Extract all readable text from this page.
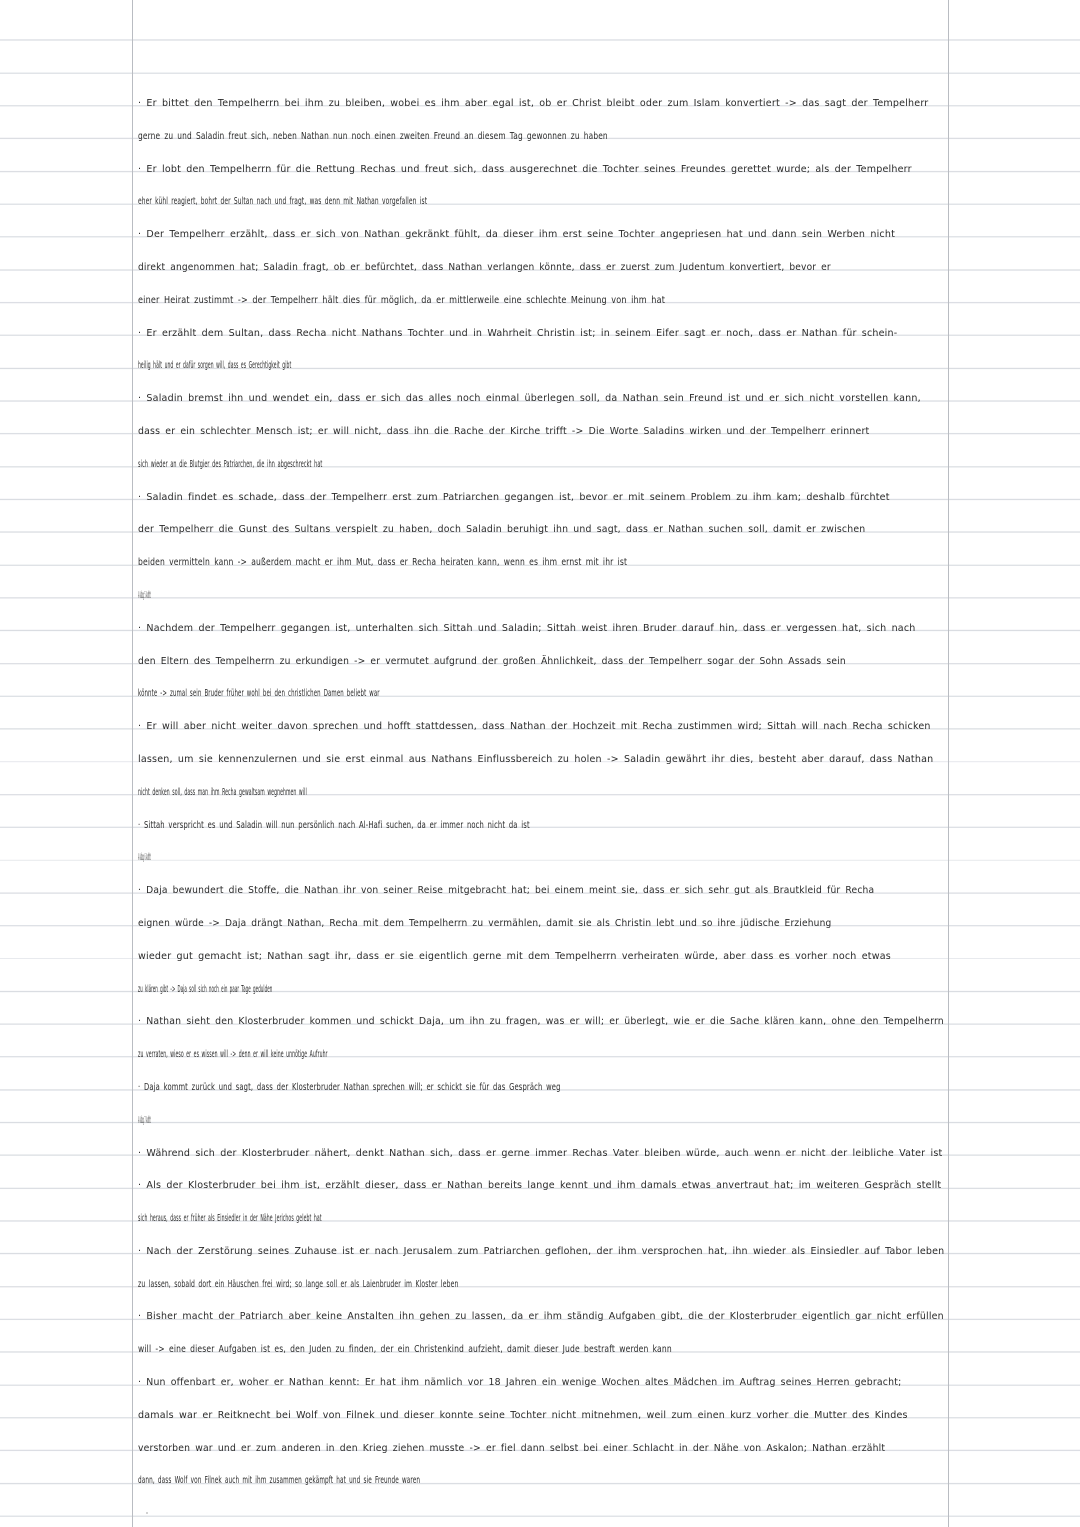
· Er bittet den Tempelherrn bei ihm zu bleiben, wobei es ihm aber egal ist, ob er Christ bleibt oder zum Islam konvertiert -> das sagt der Tempelherr
gerne zu und Saladin freut sich, neben Nathan nun noch einen zweiten Freund an diesem Tag gewonnen zu haben
· Er lobt den Tempelherrn für die Rettung Rechas und freut sich, dass ausgerechnet die Tochter seines Freundes gerettet wurde; als der Tempelherr
eher kühl reagiert, bohrt der Sultan nach und fragt, was denn mit Nathan vorgefallen ist
· Der Tempelherr erzählt, dass er sich von Nathan gekränkt fühlt, da dieser ihm erst seine Tochter angepriesen hat und dann sein Werben nicht
direkt angenommen hat; Saladin fragt, ob er befürchtet, dass Nathan verlangen könnte, dass er zuerst zum Judentum konvertiert, bevor er
einer Heirat zustimmt -> der Tempelherr hält dies für möglich, da er mittlerweile eine schlechte Meinung von ihm hat
· Er erzählt dem Sultan, dass Recha nicht Nathans Tochter und in Wahrheit Christin ist; in seinem Eifer sagt er noch, dass er Nathan für schein-
heilig hält und er dafür sorgen will, dass es Gerechtigkeit gibt
· Saladin bremst ihn und wendet ein, dass er sich das alles noch einmal überlegen soll, da Nathan sein Freund ist und er sich nicht vorstellen kann,
dass er ein schlechter Mensch ist; er will nicht, dass ihn die Rache der Kirche trifft -> Die Worte Saladins wirken und der Tempelherr erinnert
sich wieder an die Blutgier des Patriarchen, die ihn abgeschreckt hat
· Saladin findet es schade, dass der Tempelherr erst zum Patriarchen gegangen ist, bevor er mit seinem Problem zu ihm kam; deshalb fürchtet
der Tempelherr die Gunst des Sultans verspielt zu haben, doch Saladin beruhigt ihn und sagt, dass er Nathan suchen soll, damit er zwischen
beiden vermitteln kann -> außerdem macht er ihm Mut, dass er Recha heiraten kann, wenn es ihm ernst mit ihr ist
4. Aufzug, 5. Auftritt:
· Nachdem der Tempelherr gegangen ist, unterhalten sich Sittah und Saladin; Sittah weist ihren Bruder darauf hin, dass er vergessen hat, sich nach
den Eltern des Tempelherrn zu erkundigen -> er vermutet aufgrund der großen Ähnlichkeit, dass der Tempelherr sogar der Sohn Assads sein
könnte -> zumal sein Bruder früher wohl bei den christlichen Damen beliebt war
· Er will aber nicht weiter davon sprechen und hofft stattdessen, dass Nathan der Hochzeit mit Recha zustimmen wird; Sittah will nach Recha schicken
lassen, um sie kennenzulernen und sie erst einmal aus Nathans Einflussbereich zu holen -> Saladin gewährt ihr dies, besteht aber darauf, dass Nathan
nicht denken soll, dass man ihm Recha gewaltsam wegnehmen will
· Sittah verspricht es und Saladin will nun persönlich nach Al-Hafi suchen, da er immer noch nicht da ist
4. Aufzug, 6. Auftritt:
· Daja bewundert die Stoffe, die Nathan ihr von seiner Reise mitgebracht hat; bei einem meint sie, dass er sich sehr gut als Brautkleid für Recha
eignen würde -> Daja drängt Nathan, Recha mit dem Tempelherrn zu vermählen, damit sie als Christin lebt und so ihre jüdische Erziehung
wieder gut gemacht ist; Nathan sagt ihr, dass er sie eigentlich gerne mit dem Tempelherrn verheiraten würde, aber dass es vorher noch etwas
zu klären gibt -> Daja soll sich noch ein paar Tage gedulden
· Nathan sieht den Klosterbruder kommen und schickt Daja, um ihn zu fragen, was er will; er überlegt, wie er die Sache klären kann, ohne den Tempelherrn
zu verraten, wieso er es wissen will -> denn er will keine unnötige Aufruhr
· Daja kommt zurück und sagt, dass der Klosterbruder Nathan sprechen will; er schickt sie für das Gespräch weg
4. Aufzug, 7. Auftritt:
· Während sich der Klosterbruder nähert, denkt Nathan sich, dass er gerne immer Rechas Vater bleiben würde, auch wenn er nicht der leibliche Vater ist
· Als der Klosterbruder bei ihm ist, erzählt dieser, dass er Nathan bereits lange kennt und ihm damals etwas anvertraut hat; im weiteren Gespräch stellt
sich heraus, dass er früher als Einsiedler in der Nähe Jerichos gelebt hat
· Nach der Zerstörung seines Zuhause ist er nach Jerusalem zum Patriarchen geflohen, der ihm versprochen hat, ihn wieder als Einsiedler auf Tabor leben
zu lassen, sobald dort ein Häuschen frei wird; so lange soll er als Laienbruder im Kloster leben
· Bisher macht der Patriarch aber keine Anstalten ihn gehen zu lassen, da er ihm ständig Aufgaben gibt, die der Klosterbruder eigentlich gar nicht erfüllen
will -> eine dieser Aufgaben ist es, den Juden zu finden, der ein Christenkind aufzieht, damit dieser Jude bestraft werden kann
· Nun offenbart er, woher er Nathan kennt: Er hat ihm nämlich vor 18 Jahren ein wenige Wochen altes Mädchen im Auftrag seines Herren gebracht;
damals war er Reitknecht bei Wolf von Filnek und dieser konnte seine Tochter nicht mitnehmen, weil zum einen kurz vorher die Mutter des Kindes
verstorben war und er zum anderen in den Krieg ziehen musste -> er fiel dann selbst bei einer Schlacht in der Nähe von Askalon; Nathan erzählt
dann, dass Wolf von Filnek auch mit ihm zusammen gekämpft hat und sie Freunde waren
